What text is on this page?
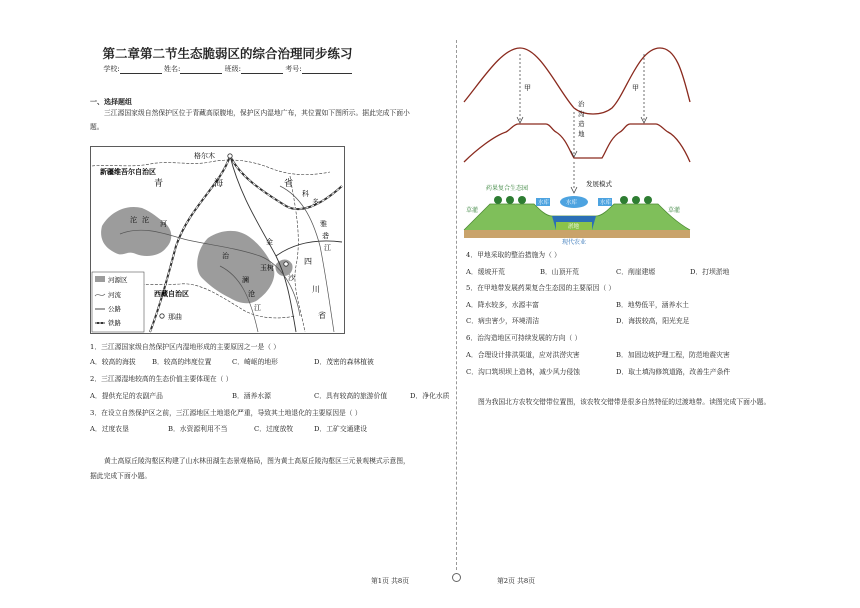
第二章第二节生态脆弱区的综合治理同步练习
学校:	姓名:	班级:	考号:
一、选择题组
三江源国家级自然保护区位于青藏高原腹地，保护区内湿地广布，其位置如下图所示。据此完成下面小
题。
格尔木
新疆维吾尔自治区
青	海	省
科
多
沱 沱 河
金
玉树
治
沙
澜
沧
江
四
川
省
西藏自治区
那曲
雅
砻
江
河源区
河流
公路
铁路
1．三江源国家级自然保护区内湿地形成的主要原因之一是（ ）
A．较高的海拔 B．较高的纬度位置	C．崎岖的地形	D．茂密的森林植被
2．三江源湿地较高的生态价值主要体现在（ ）
A．提供充足的农副产品	B．涵养水源	C．具有较高的旅游价值	D．净化水质
3．在设立自然保护区之前，三江源地区土地退化严重，导致其土地退化的主要原因是（ ）
A．过度农垦	B．水资源利用不当	C．过度放牧	D．工矿交通建设
黄土高原丘陵沟壑区构建了山水林田湖生态景观格局，图为黄土高原丘陵沟壑区三元景观模式示意图，
据此完成下面小题。
甲	甲
治
沟
造
地
发展模式
药果复合生态园
草灌	草灌
水库	水库	水库
淤地
现代农业
4．甲地采取的整治措施为（ ）
A．缓坡开荒	B．山顶开荒	C．削崖建塬	D．打坝淤地
5．在甲地带发展药果复合生态园的主要原因（ ）
A．降水较多，水源丰富	B．地势低平，涵养水土
C．病虫害少，环境清洁	D．海拔较高，阳光充足
6．治沟造地区可持续发展的方向（ ）
A．合理设计排洪渠道，应对洪涝灾害	B．加固边坡护理工程，防范地震灾害
C．沟口筑坝坝上造林，减少风力侵蚀	D．取土填沟修筑道路，改善生产条件
图为我国北方农牧交错带位置图，该农牧交错带是很多自然特征的过渡地带。读图完成下面小题。
第1页 共8页	第2页 共8页
